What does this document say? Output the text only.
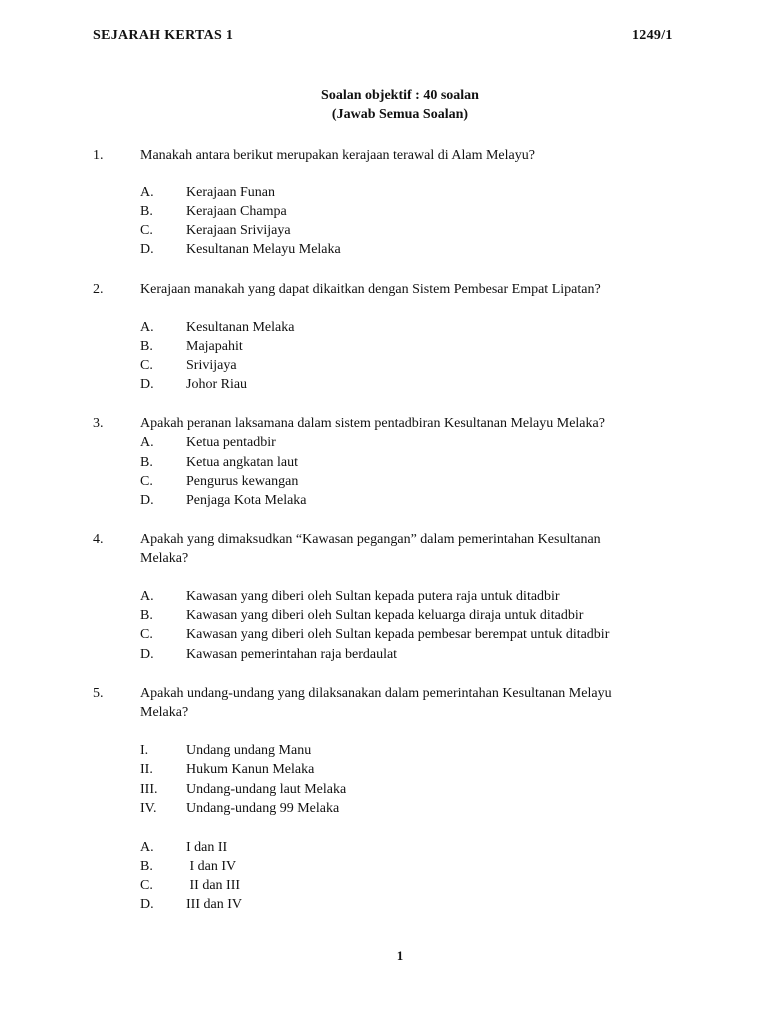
SEJARAH KERTAS 1	1249/1
Soalan objektif : 40 soalan
(Jawab Semua Soalan)
1.	Manakah antara berikut merupakan kerajaan terawal di Alam Melayu?
A. Kerajaan Funan
B. Kerajaan Champa
C. Kerajaan Srivijaya
D. Kesultanan Melayu Melaka
2.	Kerajaan manakah yang dapat dikaitkan dengan Sistem Pembesar Empat Lipatan?
A. Kesultanan Melaka
B. Majapahit
C. Srivijaya
D. Johor Riau
3.	Apakah peranan laksamana dalam sistem pentadbiran Kesultanan Melayu Melaka?
A. Ketua pentadbir
B. Ketua angkatan laut
C. Pengurus kewangan
D. Penjaga Kota Melaka
4.	Apakah yang dimaksudkan “Kawasan pegangan” dalam pemerintahan Kesultanan
Melaka?
A. Kawasan yang diberi oleh Sultan kepada putera raja untuk ditadbir
B. Kawasan yang diberi oleh Sultan kepada keluarga diraja untuk ditadbir
C. Kawasan yang diberi oleh Sultan kepada pembesar berempat untuk ditadbir
D. Kawasan pemerintahan raja berdaulat
5.	Apakah undang-undang yang dilaksanakan dalam pemerintahan Kesultanan Melayu
Melaka?
I.	Undang undang Manu
II. Hukum Kanun Melaka
III. Undang-undang laut Melaka
IV. Undang-undang 99 Melaka
A. I dan II
B. I dan IV
C. II dan III
D. III dan IV
1
